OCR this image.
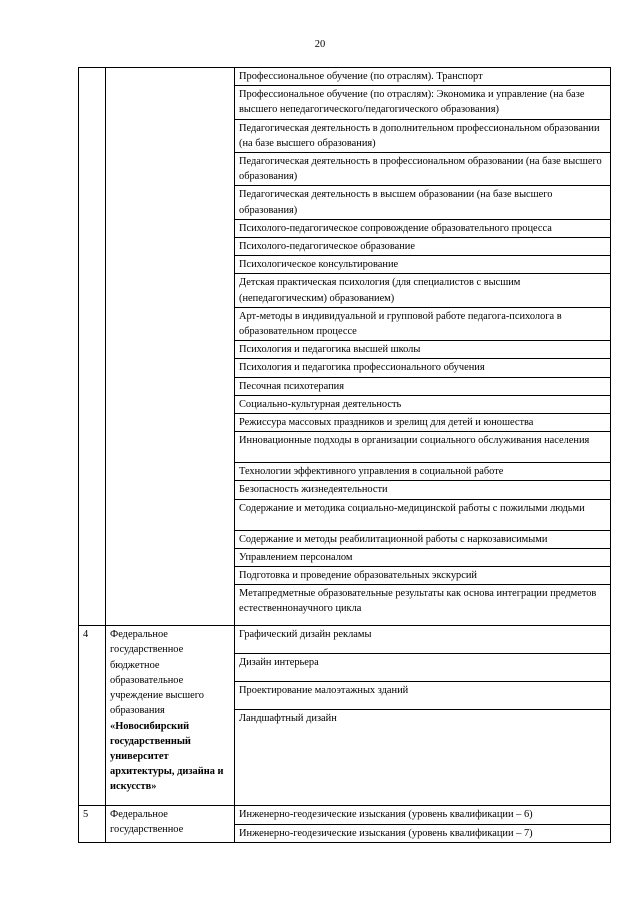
20
		Профессиональное обучение (по отраслям). Транспорт
		Профессиональное обучение (по отраслям): Экономика и управление (на базе высшего непедагогического/педагогического образования)
		Педагогическая деятельность в дополнительном профессиональном образовании (на базе высшего образования)
		Педагогическая деятельность в профессиональном образовании (на базе высшего образования)
		Педагогическая деятельность в высшем образовании (на базе высшего образования)
		Психолого-педагогическое сопровождение образовательного процесса
		Психолого-педагогическое образование
		Психологическое консультирование
		Детская практическая психология (для специалистов с высшим (непедагогическим) образованием)
		Арт-методы в индивидуальной и групповой работе педагога-психолога в образовательном процессе
		Психология и педагогика высшей школы
		Психология и педагогика профессионального обучения
		Песочная психотерапия
		Социально-культурная деятельность
		Режиссура массовых праздников и зрелищ для детей и юношества
		Инновационные подходы в организации социального обслуживания населения
		Технологии эффективного управления в социальной работе
		Безопасность жизнедеятельности
		Содержание и методика социально-медицинской работы с пожилыми людьми
		Содержание и методы реабилитационной работы с наркозависимыми
		Управлением персоналом
		Подготовка и проведение образовательных экскурсий
		Метапредметные образовательные результаты как основа интеграции предметов естественнонаучного цикла
4	Федеральное государственное бюджетное образовательное учреждение высшего образования «Новосибирский государственный университет архитектуры, дизайна и искусств»	Графический дизайн рекламы
		Дизайн интерьера
		Проектирование малоэтажных зданий
		Ландшафтный дизайн
5	Федеральное государственное	Инженерно-геодезические изыскания (уровень квалификации – 6)
		Инженерно-геодезические изыскания (уровень квалификации – 7)
